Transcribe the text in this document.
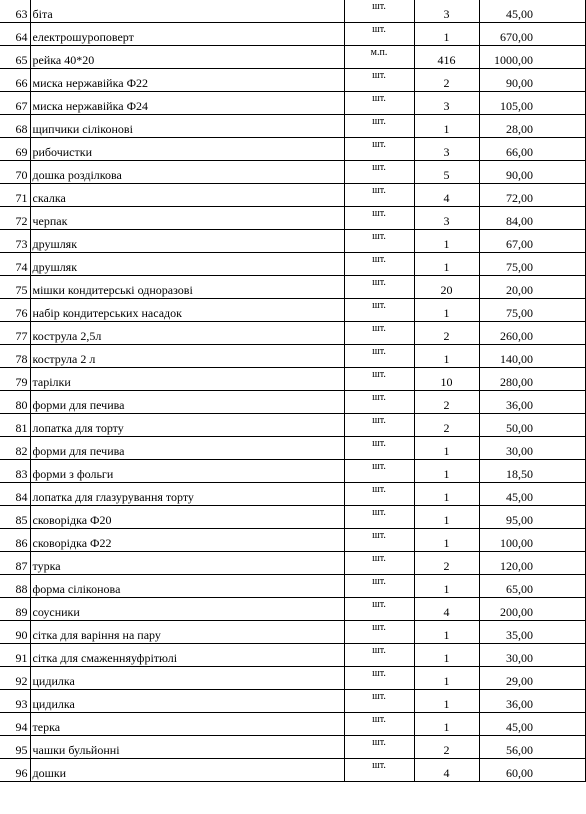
63	біта	шт.	3	45,00
64	електрошуроповерт	шт.	1	670,00
65	рейка 40*20	м.п.	416	1000,00
66	миска нержавійка Ф22	шт.	2	90,00
67	миска нержавійка Ф24	шт.	3	105,00
68	щипчики сіліконові	шт.	1	28,00
69	рибочистки	шт.	3	66,00
70	дошка розділкова	шт.	5	90,00
71	скалка	шт.	4	72,00
72	черпак	шт.	3	84,00
73	друшляк	шт.	1	67,00
74	друшляк	шт.	1	75,00
75	мішки кондитерські одноразові	шт.	20	20,00
76	набір кондитерських насадок	шт.	1	75,00
77	кострула 2,5л	шт.	2	260,00
78	кострула 2 л	шт.	1	140,00
79	тарілки	шт.	10	280,00
80	форми для печива	шт.	2	36,00
81	лопатка для торту	шт.	2	50,00
82	форми для печива	шт.	1	30,00
83	форми з фольги	шт.	1	18,50
84	лопатка для глазурування торту	шт.	1	45,00
85	сковорідка Ф20	шт.	1	95,00
86	сковорідка Ф22	шт.	1	100,00
87	турка	шт.	2	120,00
88	форма сіліконова	шт.	1	65,00
89	соусники	шт.	4	200,00
90	сітка для варіння на пару	шт.	1	35,00
91	сітка для смаженняуфрітюлі	шт.	1	30,00
92	цидилка	шт.	1	29,00
93	цидилка	шт.	1	36,00
94	терка	шт.	1	45,00
95	чашки бульйонні	шт.	2	56,00
96	дошки	шт.	4	60,00
